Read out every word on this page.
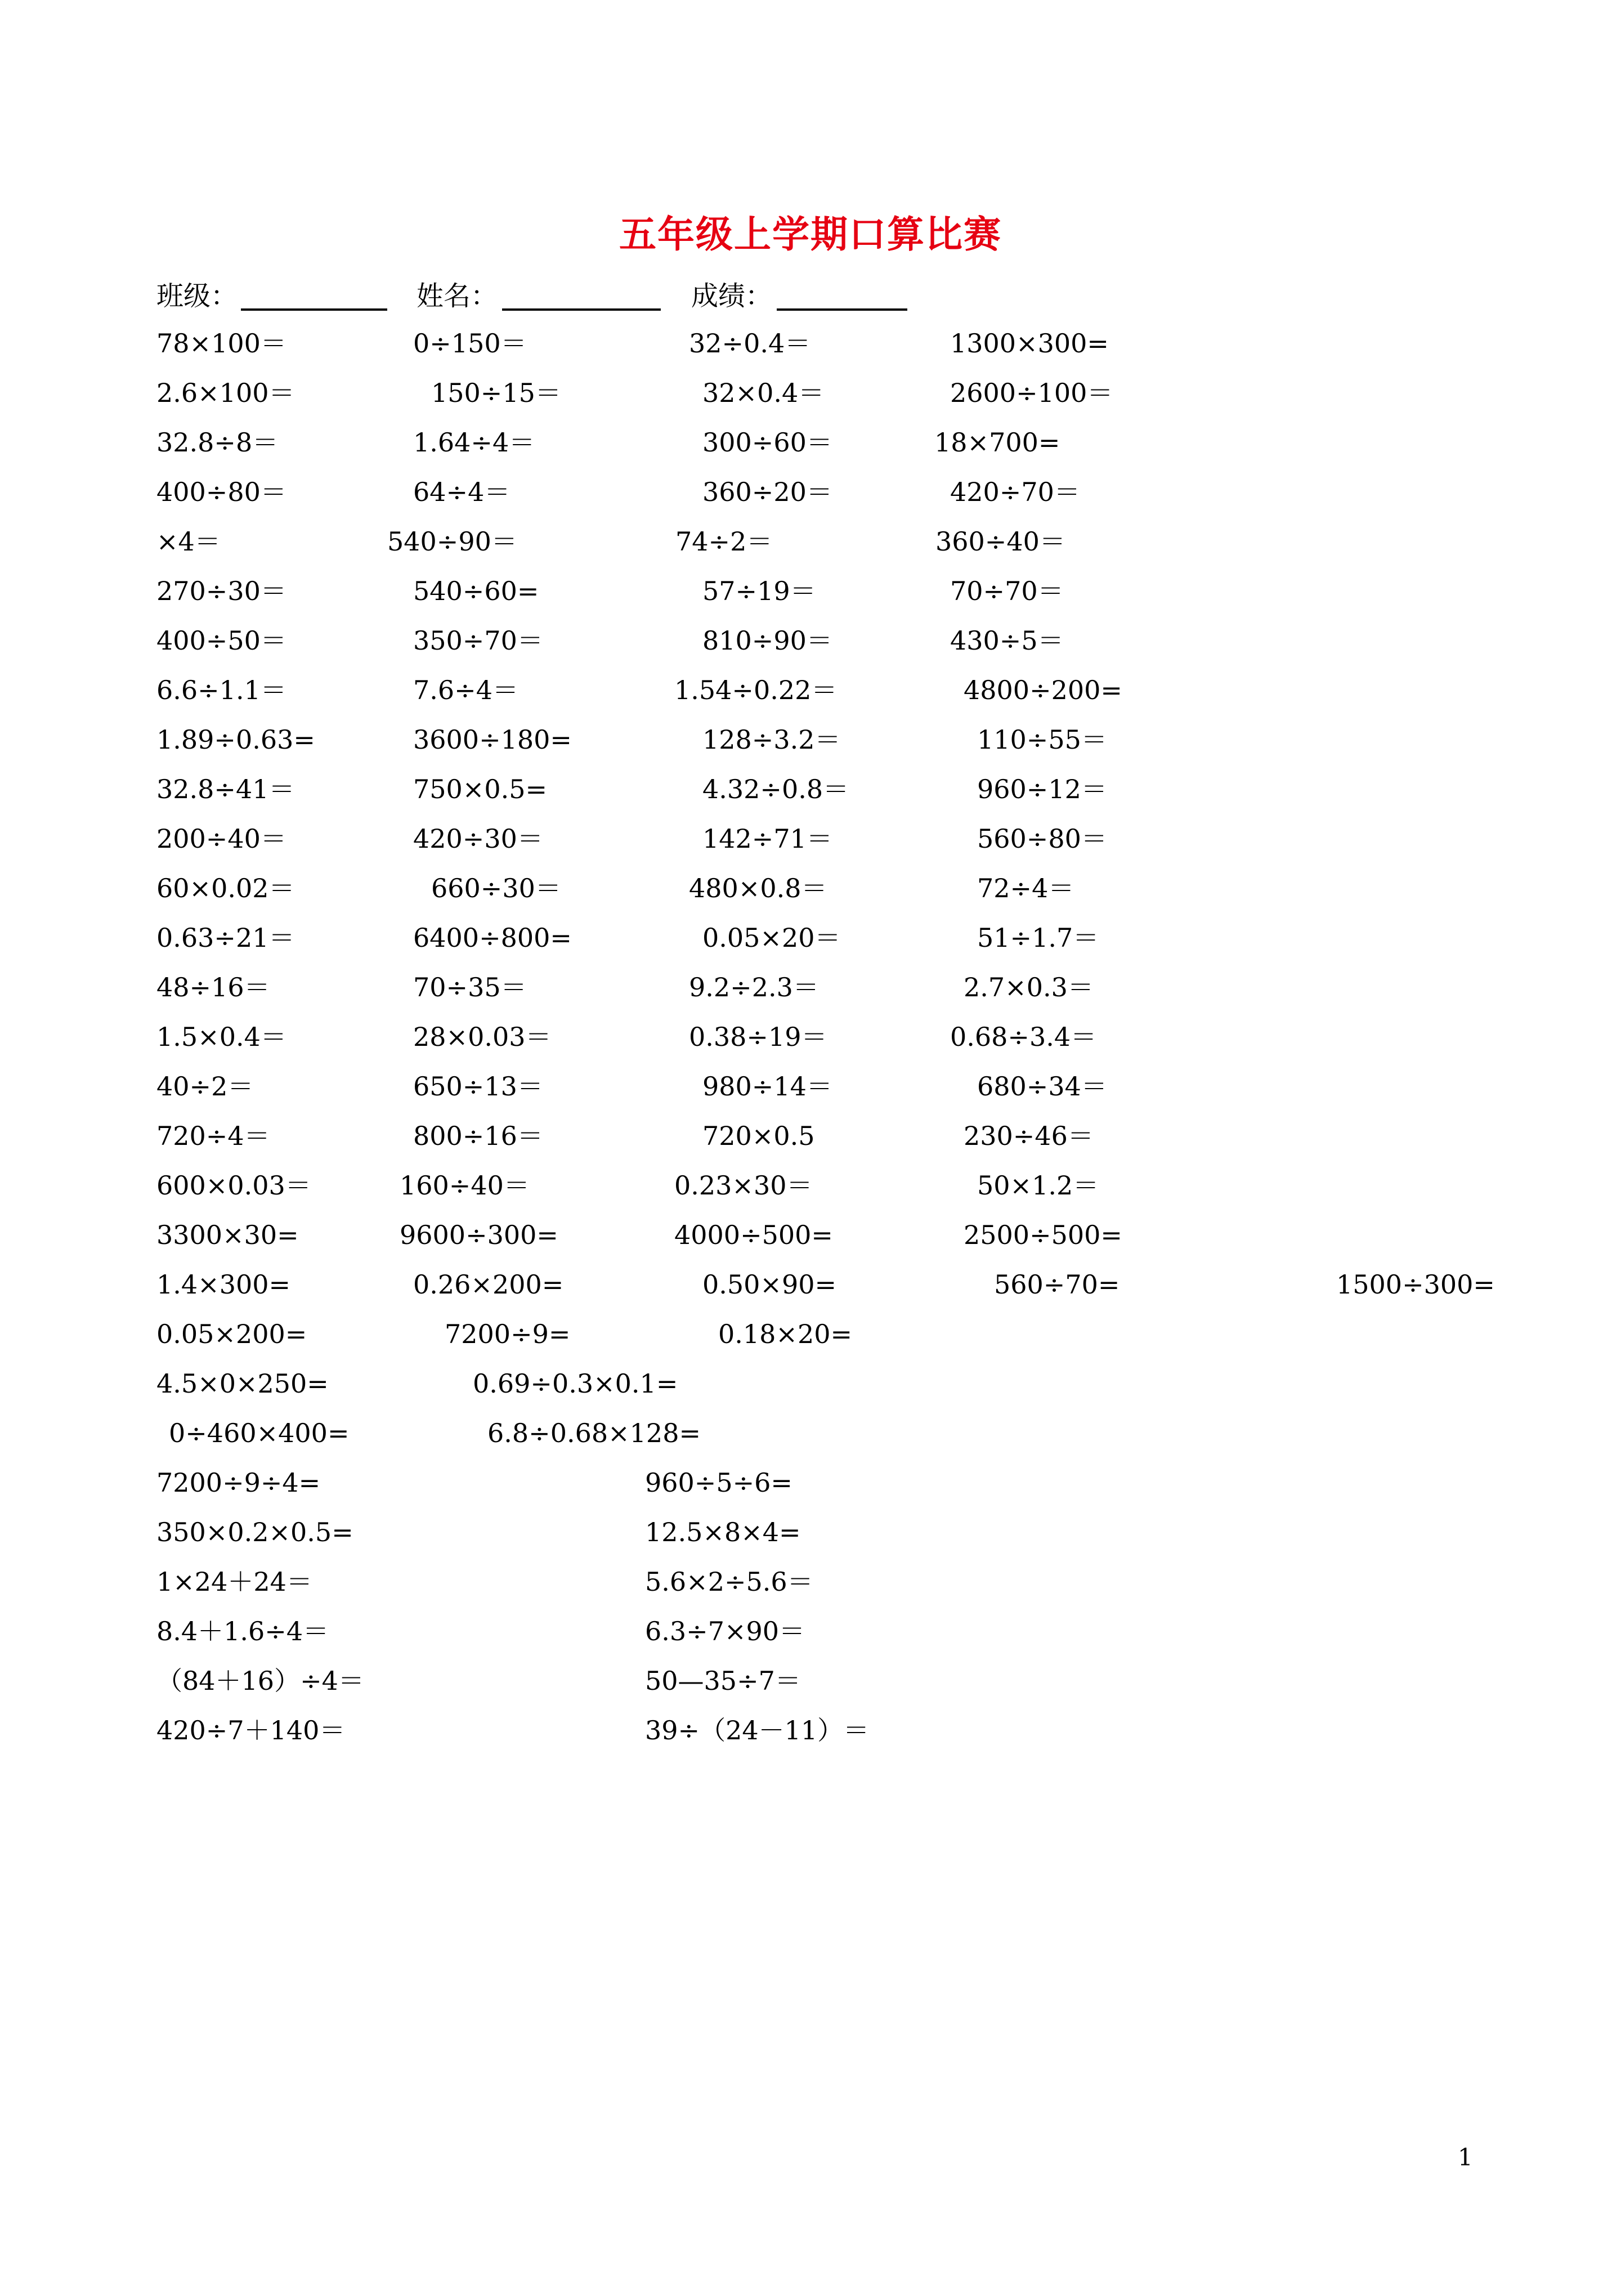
五年级上学期口算比赛
班级：	姓名：	成绩：
78×100＝	0÷150＝	32÷0.4＝	1300×300=
2.6×100＝	150÷15＝	32×0.4＝	2600÷100＝
32.8÷8＝	1.64÷4＝	300÷60＝	18×700=
400÷80＝	64÷4＝	360÷20＝	420÷70＝
×4＝	540÷90＝	74÷2＝	360÷40＝
270÷30＝	540÷60=	57÷19＝	70÷70＝
400÷50＝	350÷70＝	810÷90＝	430÷5＝
6.6÷1.1＝	7.6÷4＝	1.54÷0.22＝	4800÷200=
1.89÷0.63=	3600÷180=	128÷3.2＝	110÷55＝
32.8÷41＝	750×0.5=	4.32÷0.8＝	960÷12＝
200÷40＝	420÷30＝	142÷71＝	560÷80＝
60×0.02＝	660÷30＝	480×0.8＝	72÷4＝
0.63÷21＝	6400÷800=	0.05×20＝	51÷1.7＝
48÷16＝	70÷35＝	9.2÷2.3＝	2.7×0.3＝
1.5×0.4＝	28×0.03＝	0.38÷19＝	0.68÷3.4＝
40÷2＝	650÷13＝	980÷14＝	680÷34＝
720÷4＝	800÷16＝	720×0.5	230÷46＝
600×0.03＝	160÷40＝	0.23×30＝	50×1.2＝
3300×30=	9600÷300=	4000÷500=	2500÷500=
1.4×300=	0.26×200=	0.50×90=	560÷70=	1500÷300=
0.05×200=	7200÷9=	0.18×20=
4.5×0×250=	0.69÷0.3×0.1=
0÷460×400=	6.8÷0.68×128=
7200÷9÷4=	960÷5÷6=
350×0.2×0.5=	12.5×8×4=
1×24＋24＝	5.6×2÷5.6＝
8.4＋1.6÷4＝	6.3÷7×90＝
（84＋16）÷4＝	50—35÷7＝
420÷7＋140＝	39÷（24－11）＝
1
